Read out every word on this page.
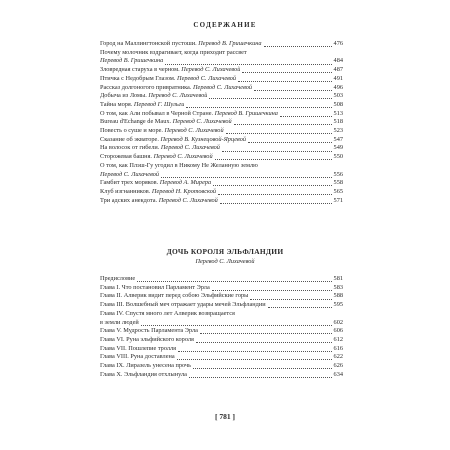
СОДЕРЖАНИЕ
Город на Маллингтонской пустоши. Перевод В. Гришечкина	476
Почему молочник вздрагивает, когда приходит рассвет
Перевод В. Гришечкина	484
Зловредная старуха в черном. Перевод С. Лихачевой	487
Птичка с Недобрым Глазом. Перевод С. Лихачевой	491
Рассказ долгоногого привратника. Перевод С. Лихачевой	496
Добыча из Ломы. Перевод С. Лихачевой	503
Тайна моря. Перевод Г. Шульги	508
О том, как Али побывал в Черной Стране. Перевод В. Гришечкина	513
Bureau d'Echange de Maux. Перевод С. Лихачевой	518
Повесть о суше и море. Перевод С. Лихачевой	523
Сказание об экваторе. Перевод В. Кузнецовой-Ярцевой	547
На волосок от гибели. Перевод С. Лихачевой	549
Сторожевая башня. Перевод С. Лихачевой	550
О том, как Плэш-Гу угодил в Никому Не Желанную землю
Перевод С. Лихачевой	556
Гамбит трех моряков. Перевод А. Мирера	558
Клуб изгнанников. Перевод Н. Кротовской	565
Три адских анекдота. Перевод С. Лихачевой	571
ДОЧЬ КОРОЛЯ ЭЛЬФЛАНДИИ
Перевод С. Лихачевой
Предисловие	581
Глава I. Что постановил Парламент Эрла	583
Глава II. Алверик видит перед собою Эльфийские горы	588
Глава III. Волшебный меч отражает удары мечей Эльфландии	595
Глава IV. Спустя много лет Алверик возвращается
в земли людей	602
Глава V. Мудрость Парламента Эрла	606
Глава VI. Руна эльфийского короля	612
Глава VII. Пошлепие тролля	616
Глава VIII. Руна доставлена	622
Глава IX. Лиразель унесена прочь	626
Глава X. Эльфландия отхлынула	634
[ 781 ]
